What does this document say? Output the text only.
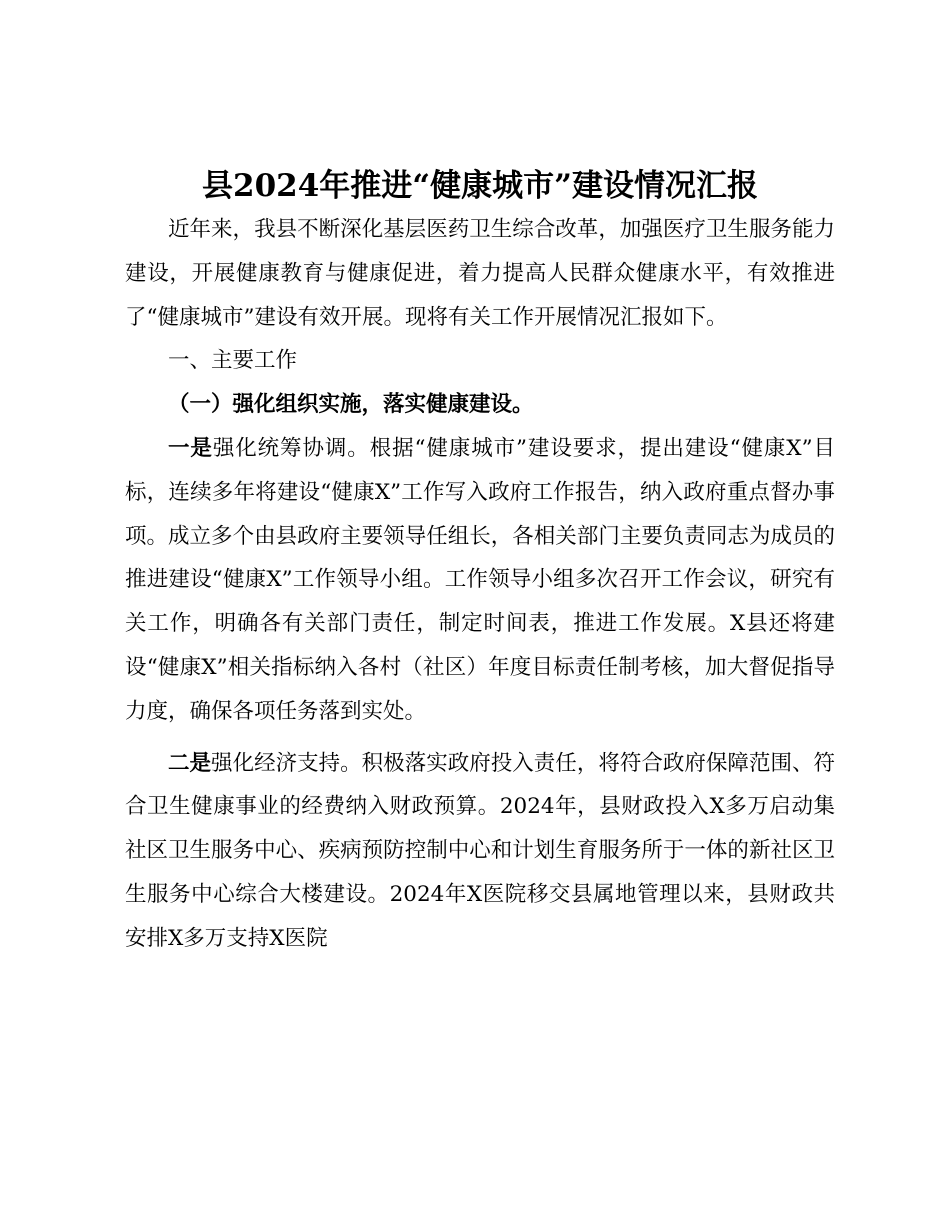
县2024年推进“健康城市”建设情况汇报

近年来，我县不断深化基层医药卫生综合改革，加强医疗卫生服务能力建设，开展健康教育与健康促进，着力提高人民群众健康水平，有效推进了“健康城市”建设有效开展。现将有关工作开展情况汇报如下。

一、主要工作

（一）强化组织实施，落实健康建设。

一是强化统筹协调。根据“健康城市”建设要求，提出建设“健康X”目标，连续多年将建设“健康X”工作写入政府工作报告，纳入政府重点督办事项。成立多个由县政府主要领导任组长，各相关部门主要负责同志为成员的推进建设“健康X”工作领导小组。工作领导小组多次召开工作会议，研究有关工作，明确各有关部门责任，制定时间表，推进工作发展。X县还将建设“健康X”相关指标纳入各村（社区）年度目标责任制考核，加大督促指导力度，确保各项任务落到实处。

二是强化经济支持。积极落实政府投入责任，将符合政府保障范围、符合卫生健康事业的经费纳入财政预算。2024年，县财政投入X多万启动集社区卫生服务中心、疾病预防控制中心和计划生育服务所于一体的新社区卫生服务中心综合大楼建设。2024年X医院移交县属地管理以来，县财政共安排X多万支持X医院
